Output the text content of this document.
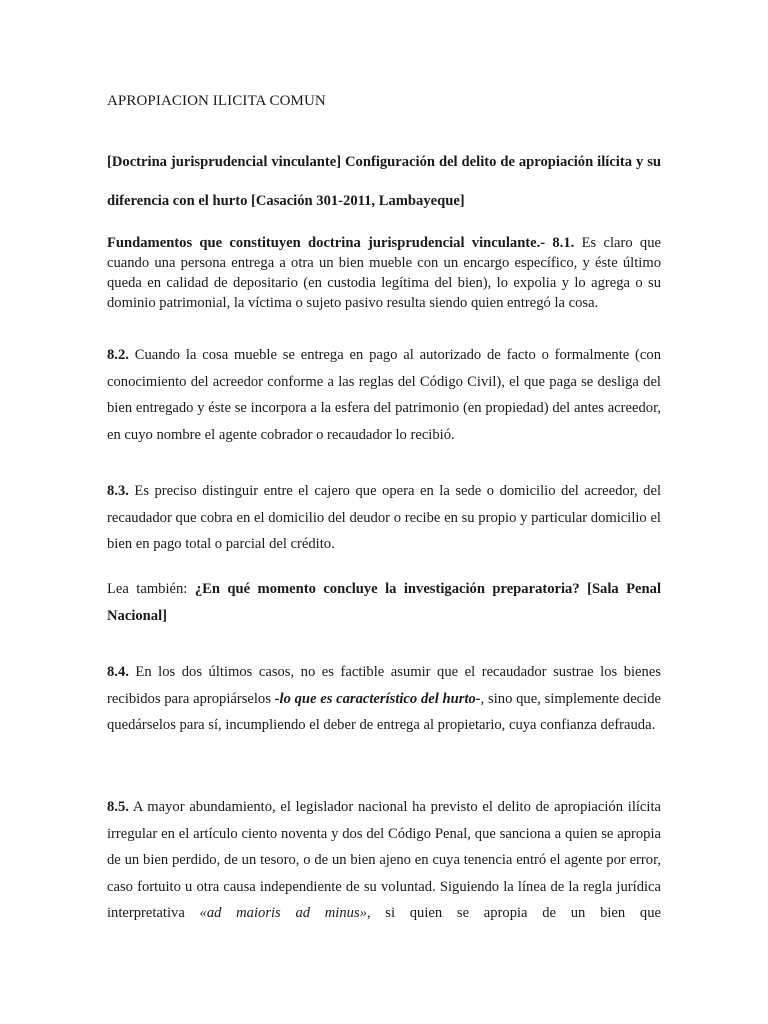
APROPIACION ILICITA COMUN

[Doctrina jurisprudencial vinculante] Configuración del delito de apropiación ilícita y su diferencia con el hurto [Casación 301-2011, Lambayeque]

Fundamentos que constituyen doctrina jurisprudencial vinculante.- 8.1. Es claro que cuando una persona entrega a otra un bien mueble con un encargo específico, y éste último queda en calidad de depositario (en custodia legítima del bien), lo expolia y lo agrega o su dominio patrimonial, la víctima o sujeto pasivo resulta siendo quien entregó la cosa.

8.2. Cuando la cosa mueble se entrega en pago al autorizado de facto o formalmente (con conocimiento del acreedor conforme a las reglas del Código Civil), el que paga se desliga del bien entregado y éste se incorpora a la esfera del patrimonio (en propiedad) del antes acreedor, en cuyo nombre el agente cobrador o recaudador lo recibió.

8.3. Es preciso distinguir entre el cajero que opera en la sede o domicilio del acreedor, del recaudador que cobra en el domicilio del deudor o recibe en su propio y particular domicilio el bien en pago total o parcial del crédito.

Lea también: ¿En qué momento concluye la investigación preparatoria? [Sala Penal Nacional]

8.4. En los dos últimos casos, no es factible asumir que el recaudador sustrae los bienes recibidos para apropiárselos -lo que es característico del hurto-, sino que, simplemente decide quedárselos para sí, incumpliendo el deber de entrega al propietario, cuya confianza defrauda.

8.5. A mayor abundamiento, el legislador nacional ha previsto el delito de apropiación ilícita irregular en el artículo ciento noventa y dos del Código Penal, que sanciona a quien se apropia de un bien perdido, de un tesoro, o de un bien ajeno en cuya tenencia entró el agente por error, caso fortuito u otra causa independiente de su voluntad. Siguiendo la línea de la regla jurídica interpretativa «ad maioris ad minus», si quien se apropia de un bien que
